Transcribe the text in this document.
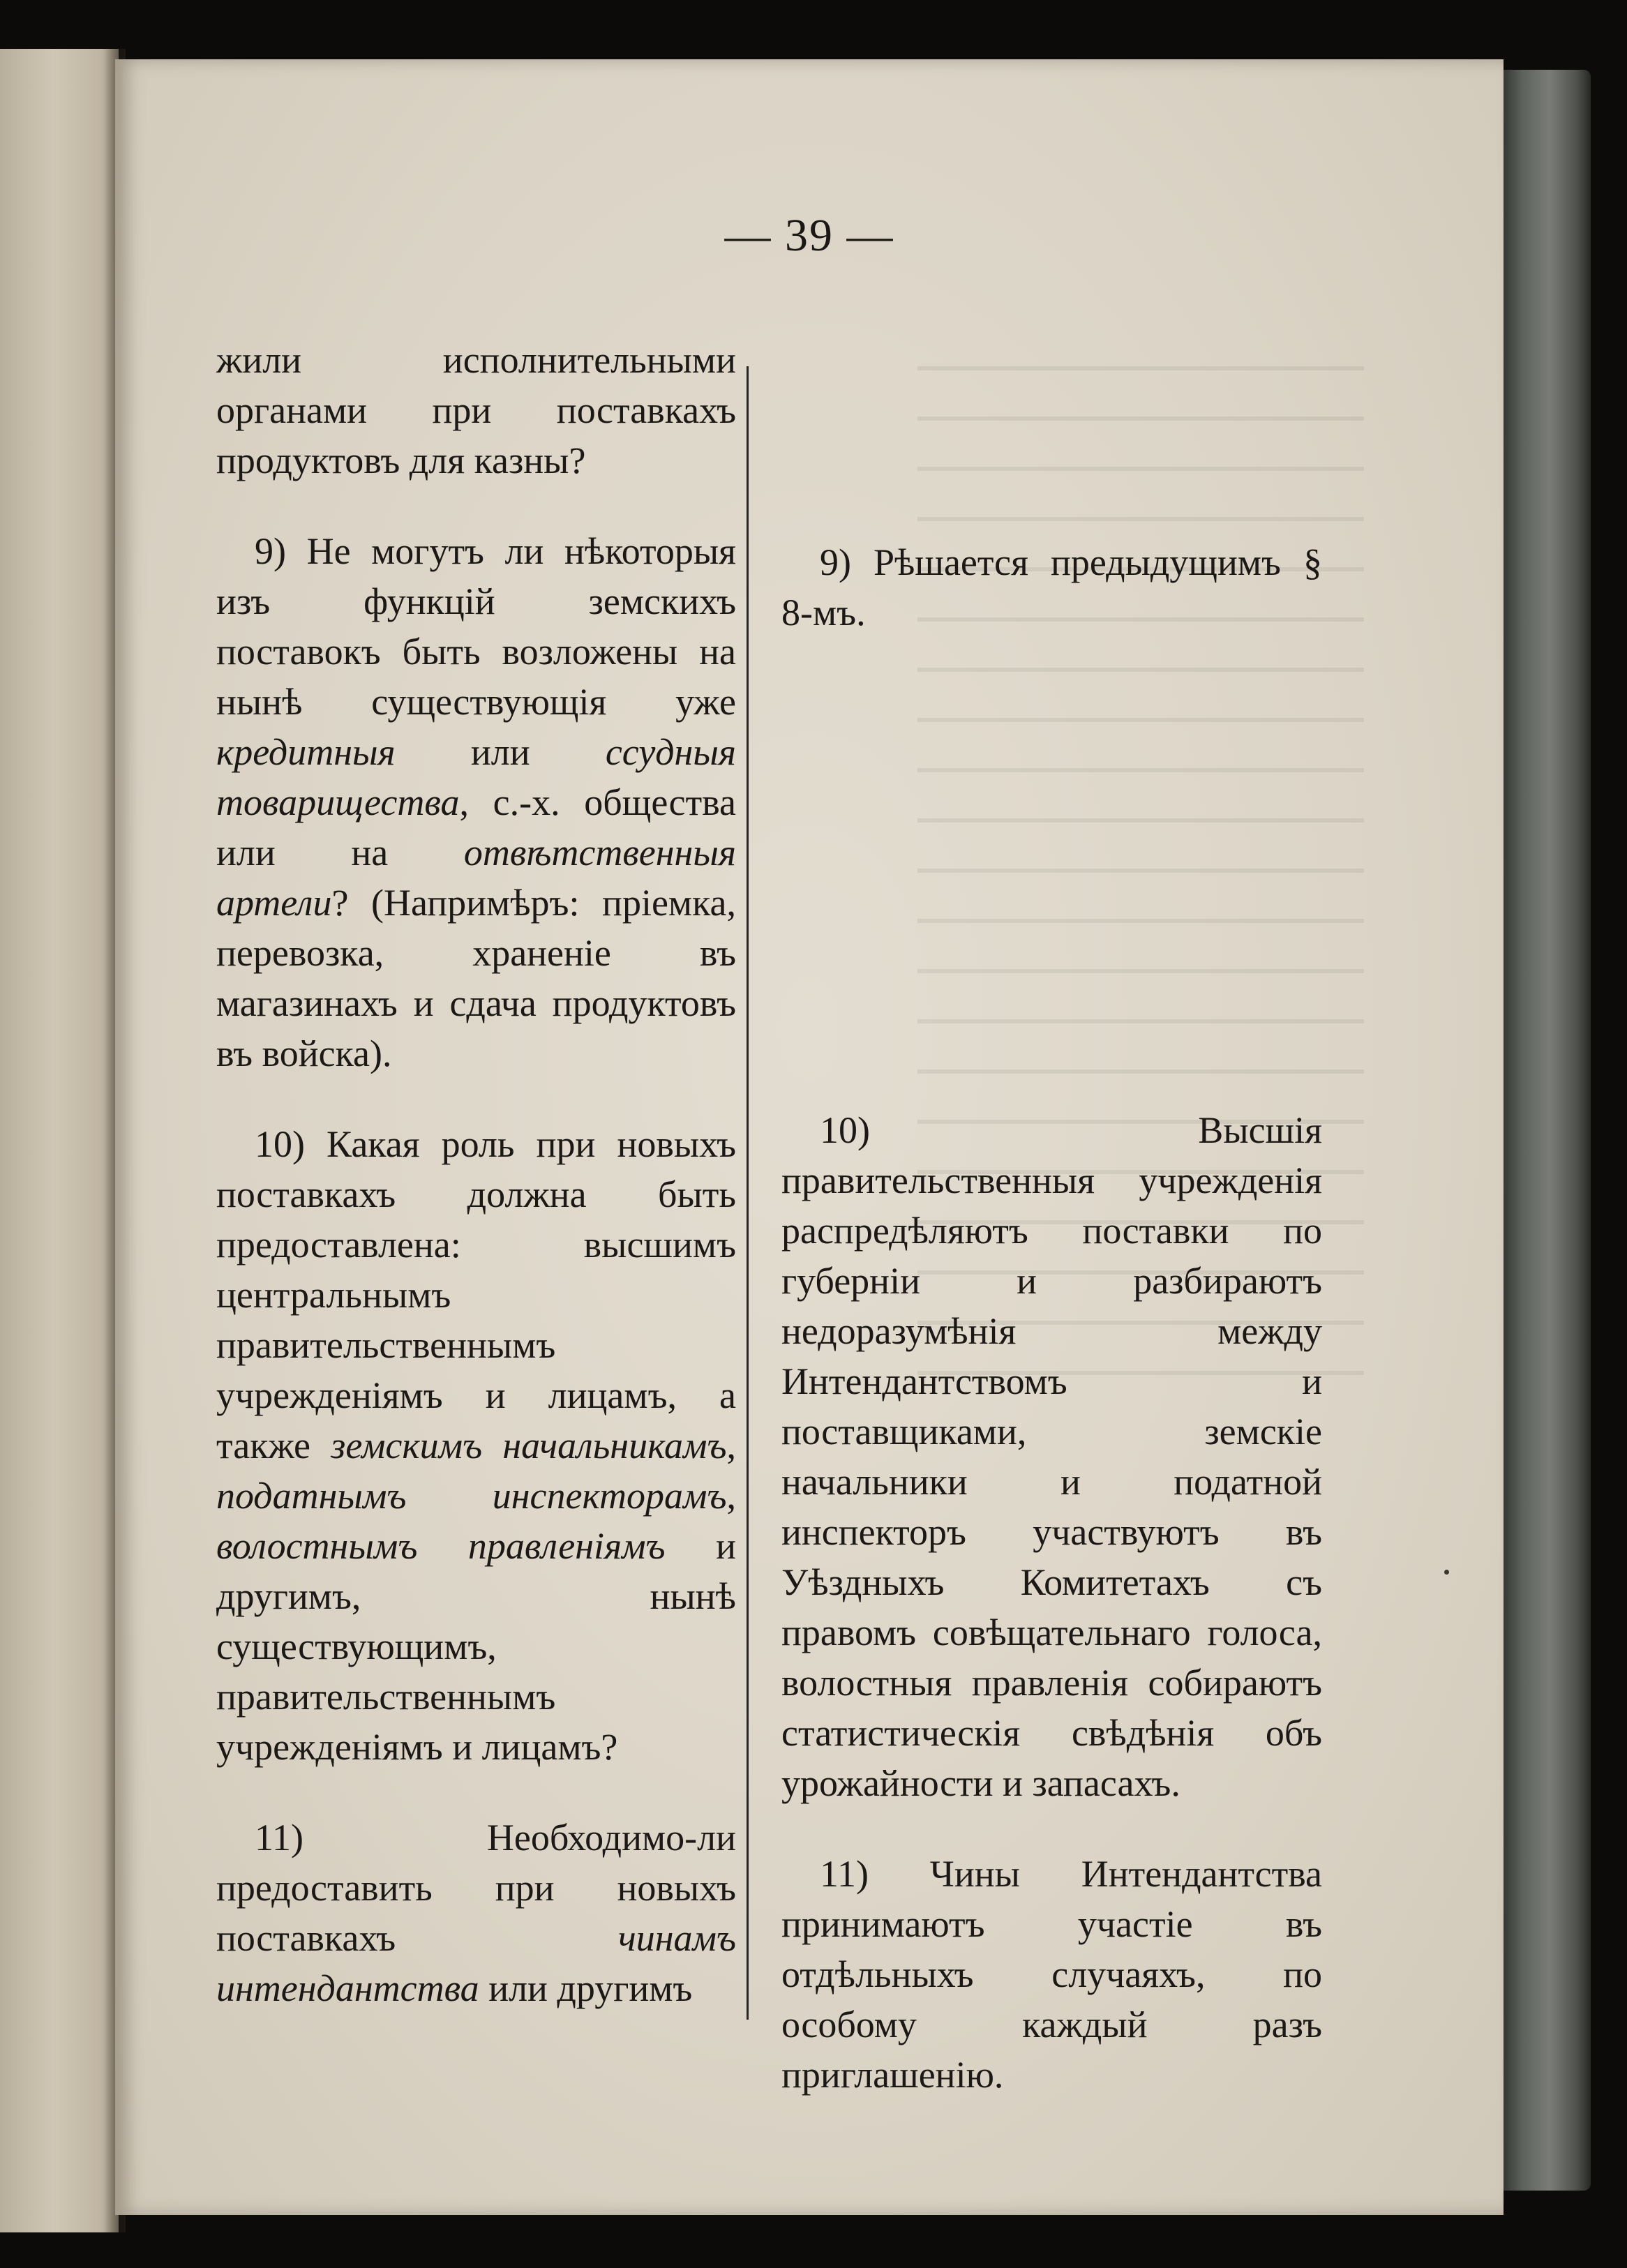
— 39 —

жили исполнительными органами при поставкахъ продуктовъ для казны?

9) Не могутъ ли нѣкоторыя изъ функцій земскихъ поставокъ быть возложены на нынѣ существующія уже кредитныя или ссудныя товарищества, с.-х. общества или на отвѣтственныя артели? (Напримѣръ: пріемка, перевозка, храненіе въ магазинахъ и сдача продуктовъ въ войска).

10) Какая роль при новыхъ поставкахъ должна быть предоставлена: высшимъ центральнымъ правительственнымъ учрежденіямъ и лицамъ, а также земскимъ начальникамъ, податнымъ инспекторамъ, волостнымъ правленіямъ и другимъ, нынѣ существующимъ, правительственнымъ учрежденіямъ и лицамъ?

11) Необходимо-ли предоставить при новыхъ поставкахъ чинамъ интендантства или другимъ

9) Рѣшается предыдущимъ § 8-мъ.

10) Высшія правительственныя учрежденія распредѣляютъ поставки по губерніи и разбираютъ недоразумѣнія между Интендантствомъ и поставщиками, земскіе начальники и податной инспекторъ участвуютъ въ Уѣздныхъ Комитетахъ съ правомъ совѣщательнаго голоса, волостныя правленія собираютъ статистическія свѣдѣнія объ урожайности и запасахъ.

11) Чины Интендантства принимаютъ участіе въ отдѣльныхъ случаяхъ, по особому каждый разъ приглашенію.
